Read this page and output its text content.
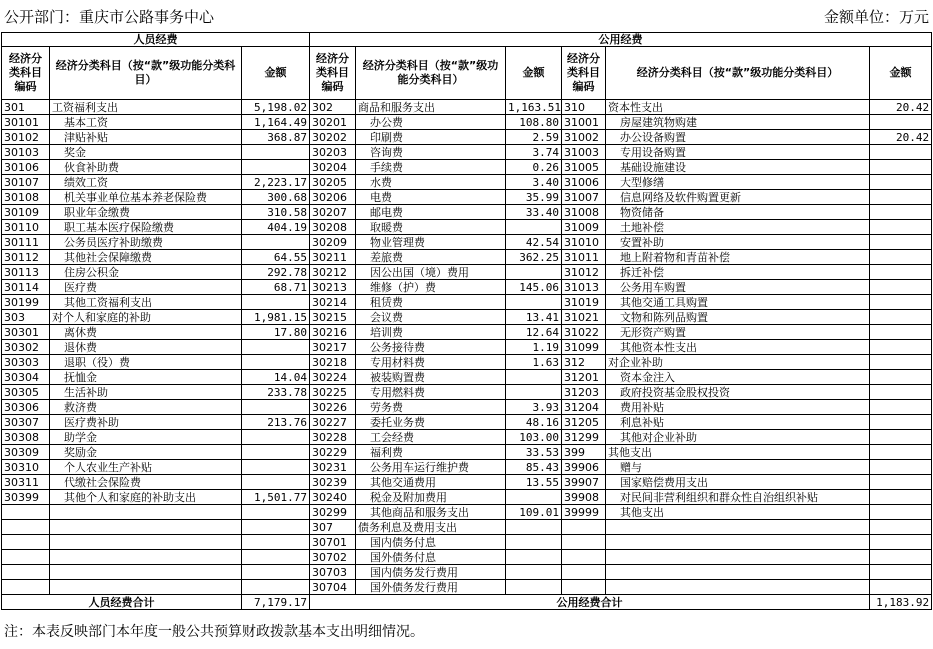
公开部门：重庆市公路事务中心	金额单位：万元
人员经费			公用经费					
经济分类科目编码	经济分类科目（按“款”级功能分类科目）	金额	经济分类科目编码	经济分类科目（按“款”级功能分类科目）	金额	经济分类科目编码	经济分类科目（按“款”级功能分类科目）	金额
301	工资福利支出	5,198.02	302	商品和服务支出	1,163.51	310	资本性支出	20.42
30101	基本工资	1,164.49	30201	办公费	108.80	31001	房屋建筑物购建	
30102	津贴补贴	368.87	30202	印刷费	2.59	31002	办公设备购置	20.42
30103	奖金		30203	咨询费	3.74	31003	专用设备购置	
30106	伙食补助费		30204	手续费	0.26	31005	基础设施建设	
30107	绩效工资	2,223.17	30205	水费	3.40	31006	大型修缮	
30108	机关事业单位基本养老保险费	300.68	30206	电费	35.99	31007	信息网络及软件购置更新	
30109	职业年金缴费	310.58	30207	邮电费	33.40	31008	物资储备	
30110	职工基本医疗保险缴费	404.19	30208	取暖费		31009	土地补偿	
30111	公务员医疗补助缴费		30209	物业管理费	42.54	31010	安置补助	
30112	其他社会保障缴费	64.55	30211	差旅费	362.25	31011	地上附着物和青苗补偿	
30113	住房公积金	292.78	30212	因公出国（境）费用		31012	拆迁补偿	
30114	医疗费	68.71	30213	维修（护）费	145.06	31013	公务用车购置	
30199	其他工资福利支出		30214	租赁费		31019	其他交通工具购置	
303	对个人和家庭的补助	1,981.15	30215	会议费	13.41	31021	文物和陈列品购置	
30301	离休费	17.80	30216	培训费	12.64	31022	无形资产购置	
30302	退休费		30217	公务接待费	1.19	31099	其他资本性支出	
30303	退职（役）费		30218	专用材料费	1.63	312	对企业补助	
30304	抚恤金	14.04	30224	被装购置费		31201	资本金注入	
30305	生活补助	233.78	30225	专用燃料费		31203	政府投资基金股权投资	
30306	救济费		30226	劳务费	3.93	31204	费用补贴	
30307	医疗费补助	213.76	30227	委托业务费	48.16	31205	利息补贴	
30308	助学金		30228	工会经费	103.00	31299	其他对企业补助	
30309	奖励金		30229	福利费	33.53	399	其他支出	
30310	个人农业生产补贴		30231	公务用车运行维护费	85.43	39906	赠与	
30311	代缴社会保险费		30239	其他交通费用	13.55	39907	国家赔偿费用支出	
30399	其他个人和家庭的补助支出	1,501.77	30240	税金及附加费用		39908	对民间非营利组织和群众性自治组织补贴	
			30299	其他商品和服务支出	109.01	39999	其他支出	
			307	债务利息及费用支出				
			30701	国内债务付息				
			30702	国外债务付息				
			30703	国内债务发行费用				
			30704	国外债务发行费用				
人员经费合计		7,179.17	公用经费合计					1,183.92
注：本表反映部门本年度一般公共预算财政拨款基本支出明细情况。
